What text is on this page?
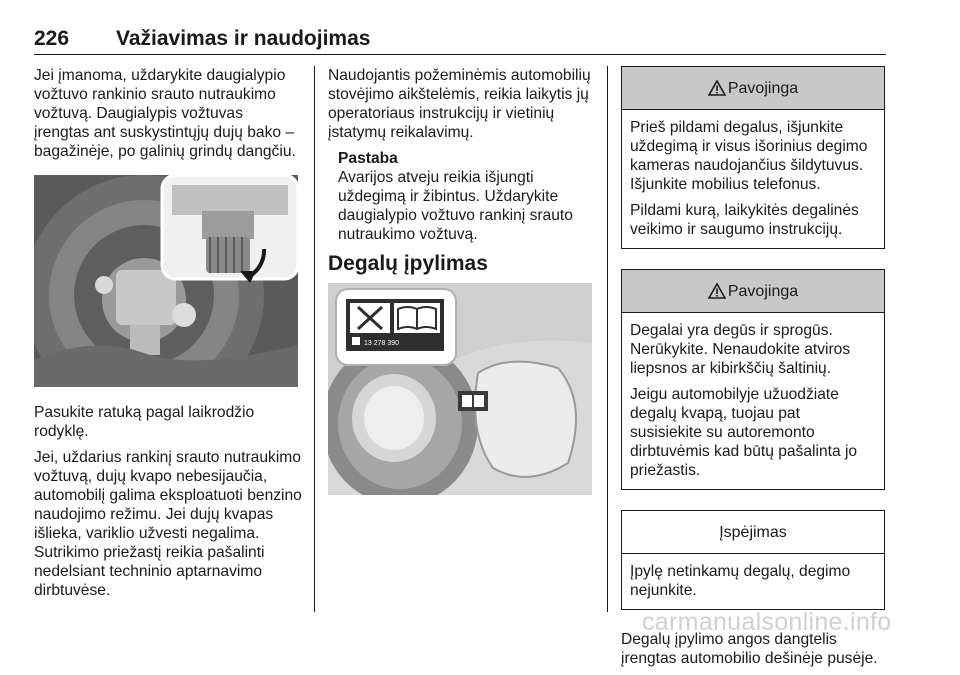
226 Važiavimas ir naudojimas

Jei įmanoma, uždarykite daugialypio vožtuvo rankinio srauto nutraukimo vožtuvą. Daugialypis vožtuvas įrengtas ant suskystintųjų dujų bako – bagažinėje, po galinių grindų dangčiu.

Pasukite ratuką pagal laikrodžio rodyklę.

Jei, uždarius rankinį srauto nutraukimo vožtuvą, dujų kvapo nebesijaučia, automobilį galima eksploatuoti benzino naudojimo režimu. Jei dujų kvapas išlieka, variklio užvesti negalima. Sutrikimo priežastį reikia pašalinti nedelsiant techninio aptarnavimo dirbtuvėse.

Naudojantis požeminėmis automobilių stovėjimo aikštelėmis, reikia laikytis jų operatoriaus instrukcijų ir vietinių įstatymų reikalavimų.

Pastaba

Avarijos atveju reikia išjungti uždegimą ir žibintus. Uždarykite daugialypio vožtuvo rankinį srauto nutraukimo vožtuvą.

Degalų įpylimas
13 278 390
Pavojinga

Prieš pildami degalus, išjunkite uždegimą ir visus išorinius degimo kameras naudojančius šildytuvus. Išjunkite mobilius telefonus.

Pildami kurą, laikykitės degalinės veikimo ir saugumo instrukcijų.

Pavojinga

Degalai yra degūs ir sprogūs. Nerūkykite. Nenaudokite atviros liepsnos ar kibirkščių šaltinių.

Jeigu automobilyje užuodžiate degalų kvapą, tuojau pat susisiekite su autoremonto dirbtuvėmis kad būtų pašalinta jo priežastis.

Įspėjimas

Įpylę netinkamų degalų, degimo nejunkite.

Degalų įpylimo angos dangtelis įrengtas automobilio dešinėje pusėje.

carmanualsonline.info
